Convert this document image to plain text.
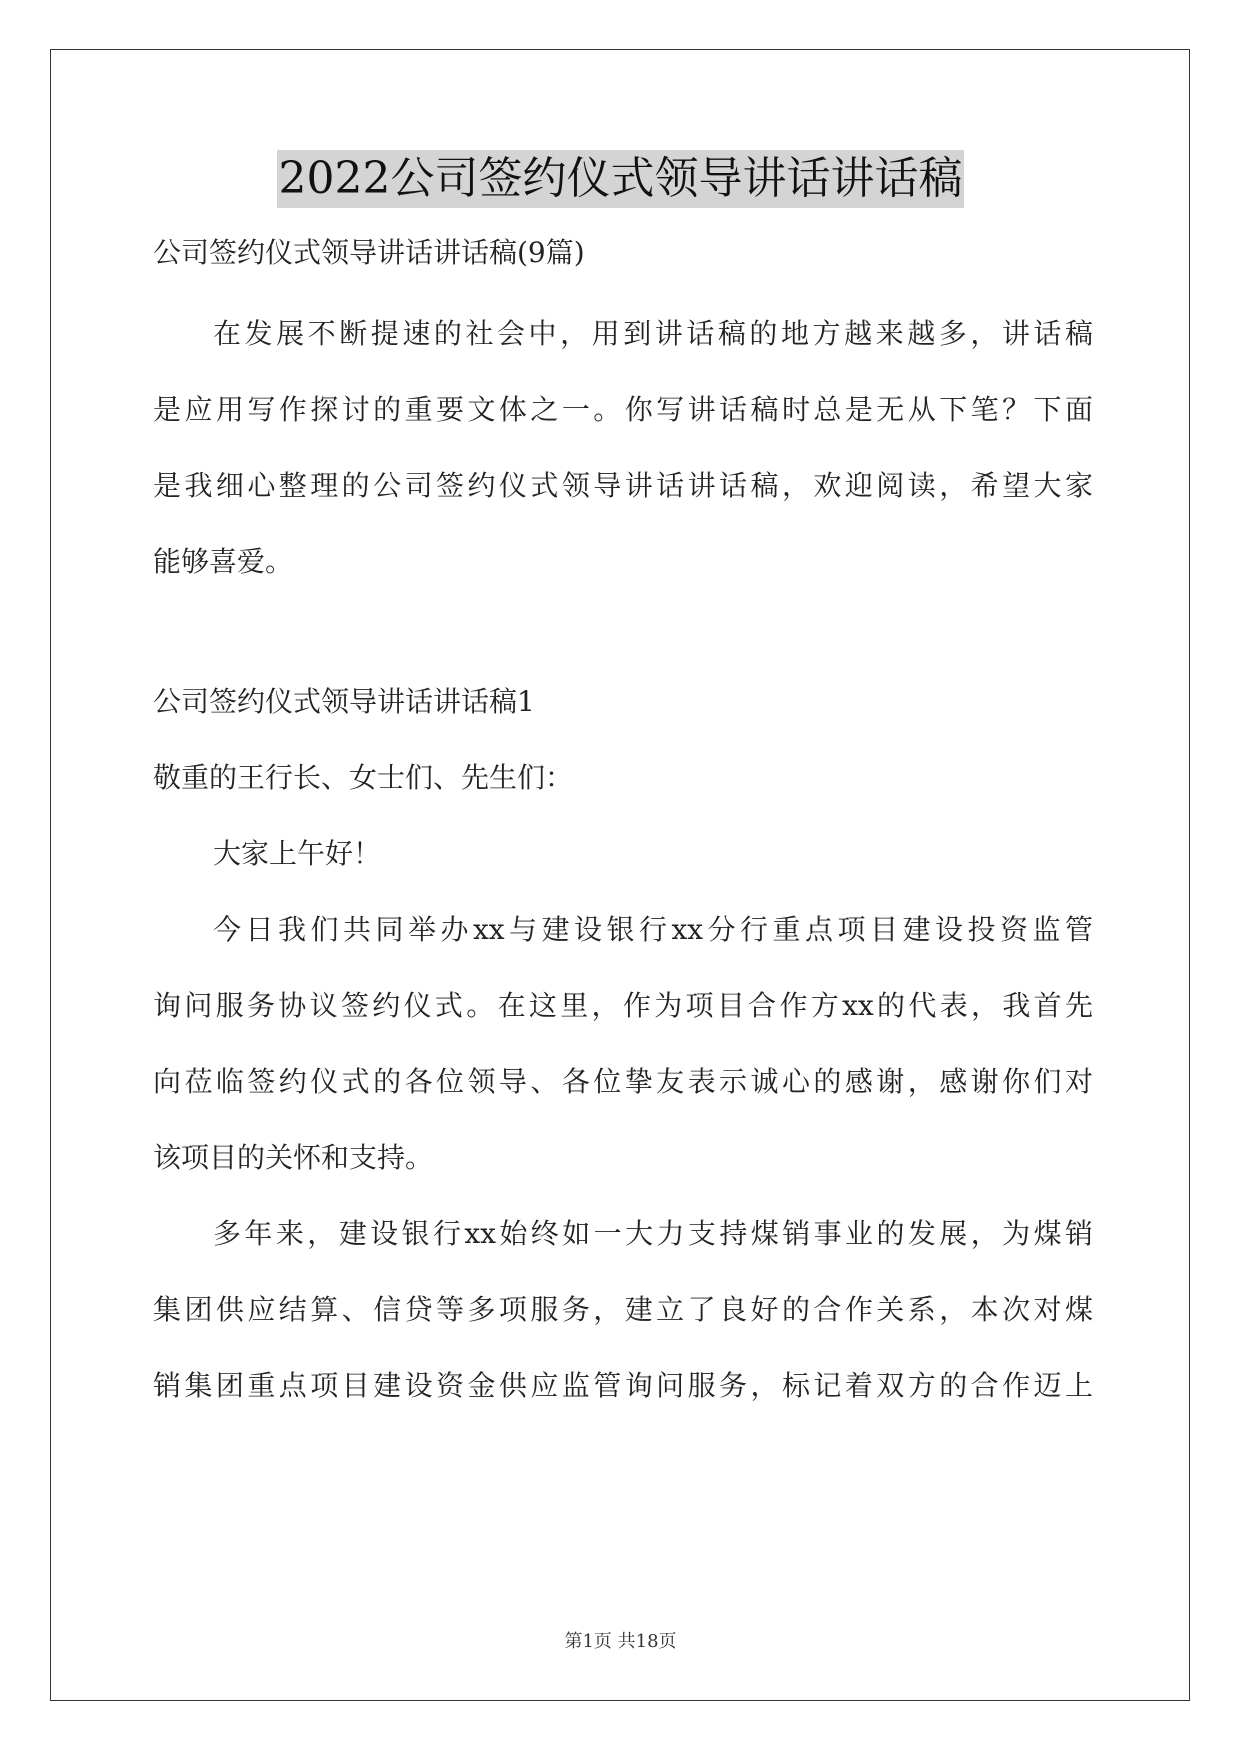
2022公司签约仪式领导讲话讲话稿
公司签约仪式领导讲话讲话稿(9篇)
在发展不断提速的社会中，用到讲话稿的地方越来越多，讲话稿
是应用写作探讨的重要文体之一。你写讲话稿时总是无从下笔？下面
是我细心整理的公司签约仪式领导讲话讲话稿，欢迎阅读，希望大家
能够喜爱。
公司签约仪式领导讲话讲话稿1
敬重的王行长、女士们、先生们：
大家上午好！
今日我们共同举办xx与建设银行xx分行重点项目建设投资监管
询问服务协议签约仪式。在这里，作为项目合作方xx的代表，我首先
向莅临签约仪式的各位领导、各位挚友表示诚心的感谢，感谢你们对
该项目的关怀和支持。
多年来，建设银行xx始终如一大力支持煤销事业的发展，为煤销
集团供应结算、信贷等多项服务，建立了良好的合作关系，本次对煤
销集团重点项目建设资金供应监管询问服务，标记着双方的合作迈上
第1页 共18页
